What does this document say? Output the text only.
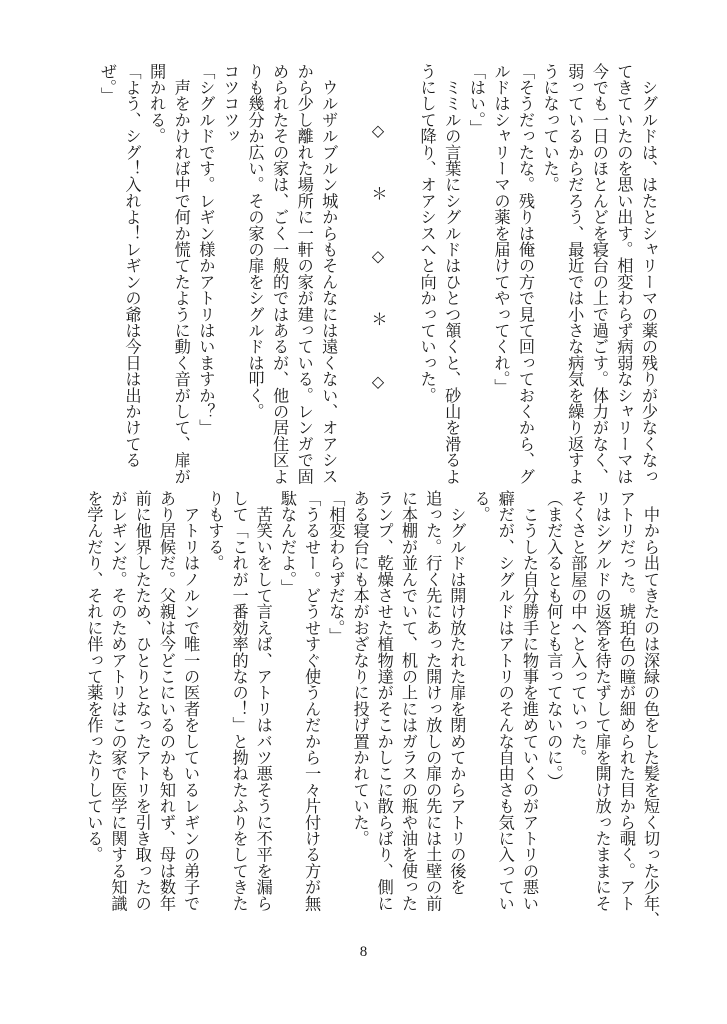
　シグルドは、はたとシャリーマの薬の残りが少なくなっ
てきていたのを思い出す。相変わらず病弱なシャリーマは
今でも一日のほとんどを寝台の上で過ごす。体力がなく、
弱っているからだろう、最近では小さな病気を繰り返すよ
うになっていた。
「そうだったな。残りは俺の方で見て回っておくから、グ
ルドはシャリーマの薬を届けてやってくれ。」
「はい。」
　ミミルの言葉にシグルドはひとつ頷くと、砂山を滑るよ
うにして降り、オアシスへと向かっていった。

◇　＊　◇　＊　◇

　ウルザルブルン城からもそんなには遠くない、オアシス
から少し離れた場所に一軒の家が建っている。レンガで固
められたその家は、ごく一般的ではあるが、他の居住区よ
りも幾分か広い。その家の扉をシグルドは叩く。
コツコツッ
「シグルドです。レギン様かアトリはいますか？」
　声をかければ中で何か慌てたように動く音がして、扉が
開かれる。
「よう、シグ！入れよ！レギンの爺は今日は出かけてる
ぜ。」
　中から出てきたのは深緑の色をした髪を短く切った少年、
アトリだった。琥珀色の瞳が細められた目から覗く。アト
リはシグルドの返答を待たずして扉を開け放ったままにそ
そくさと部屋の中へと入っていった。
（まだ入るとも何とも言ってないのに。）
　こうした自分勝手に物事を進めていくのがアトリの悪い
癖だが、シグルドはアトリのそんな自由さも気に入ってい
る。
　シグルドは開け放たれた扉を閉めてからアトリの後を
追った。行く先にあった開けっ放しの扉の先には土壁の前
に本棚が並んでいて、机の上にはガラスの瓶や油を使った
ランプ、乾燥させた植物達がそこかしこに散らばり、側に
ある寝台にも本がおざなりに投げ置かれていた。
「相変わらずだな。」
「うるせー。どうせすぐ使うんだから一々片付ける方が無
駄なんだよ。」
　苦笑いをして言えば、アトリはバツ悪そうに不平を漏ら
して「これが一番効率的なの！」と拗ねたふりをしてきた
りもする。
　アトリはノルンで唯一の医者をしているレギンの弟子で
あり居候だ。父親は今どこにいるのかも知れず、母は数年
前に他界したため、ひとりとなったアトリを引き取ったの
がレギンだ。そのためアトリはこの家で医学に関する知識
を学んだり、それに伴って薬を作ったりしている。
8
